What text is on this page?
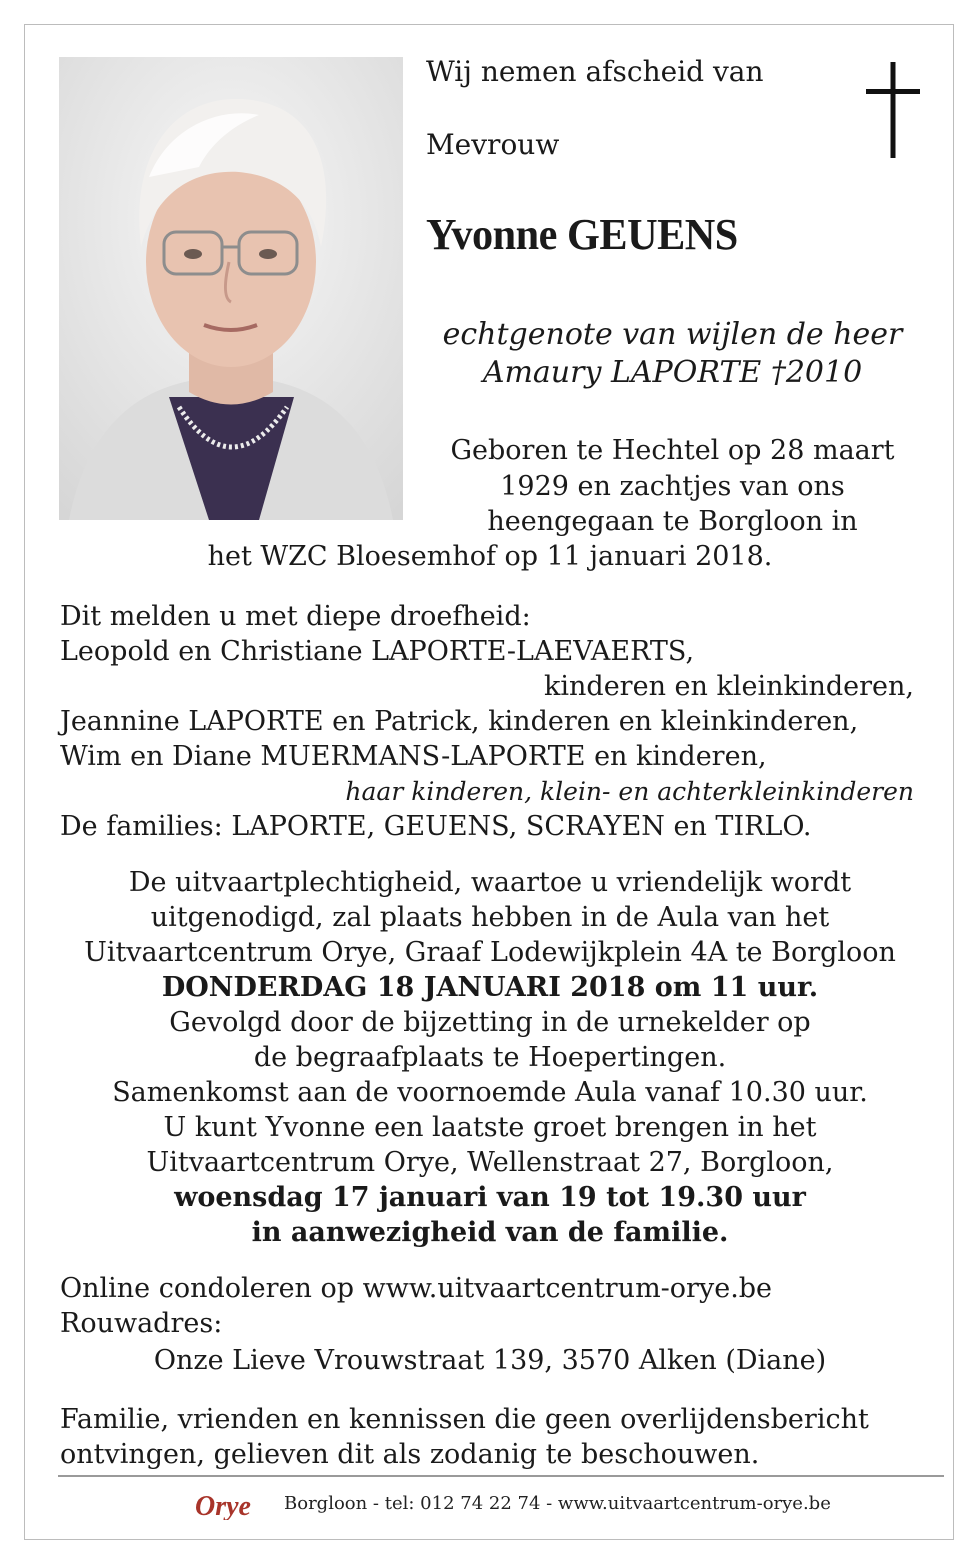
Wij nemen afscheid van
Mevrouw
Yvonne GEUENS
echtgenote van wijlen de heer
Amaury LAPORTE †2010
Geboren te Hechtel op 28 maart
1929 en zachtjes van ons
heengegaan te Borgloon in
het WZC Bloesemhof op 11 januari 2018.
Dit melden u met diepe droefheid:
Leopold en Christiane LAPORTE-LAEVAERTS,
kinderen en kleinkinderen,
Jeannine LAPORTE en Patrick, kinderen en kleinkinderen,
Wim en Diane MUERMANS-LAPORTE en kinderen,
haar kinderen, klein- en achterkleinkinderen
De families: LAPORTE, GEUENS, SCRAYEN en TIRLO.
De uitvaartplechtigheid, waartoe u vriendelijk wordt
uitgenodigd, zal plaats hebben in de Aula van het
Uitvaartcentrum Orye, Graaf Lodewijkplein 4A te Borgloon
DONDERDAG 18 JANUARI 2018 om 11 uur.
Gevolgd door de bijzetting in de urnekelder op
de begraafplaats te Hoepertingen.
Samenkomst aan de voornoemde Aula vanaf 10.30 uur.
U kunt Yvonne een laatste groet brengen in het
Uitvaartcentrum Orye, Wellenstraat 27, Borgloon,
woensdag 17 januari van 19 tot 19.30 uur
in aanwezigheid van de familie.
Online condoleren op www.uitvaartcentrum-orye.be
Rouwadres:
Onze Lieve Vrouwstraat 139, 3570 Alken (Diane)
Familie, vrienden en kennissen die geen overlijdensbericht
ontvingen, gelieven dit als zodanig te beschouwen.
Orye Borgloon - tel: 012 74 22 74 - www.uitvaartcentrum-orye.be
